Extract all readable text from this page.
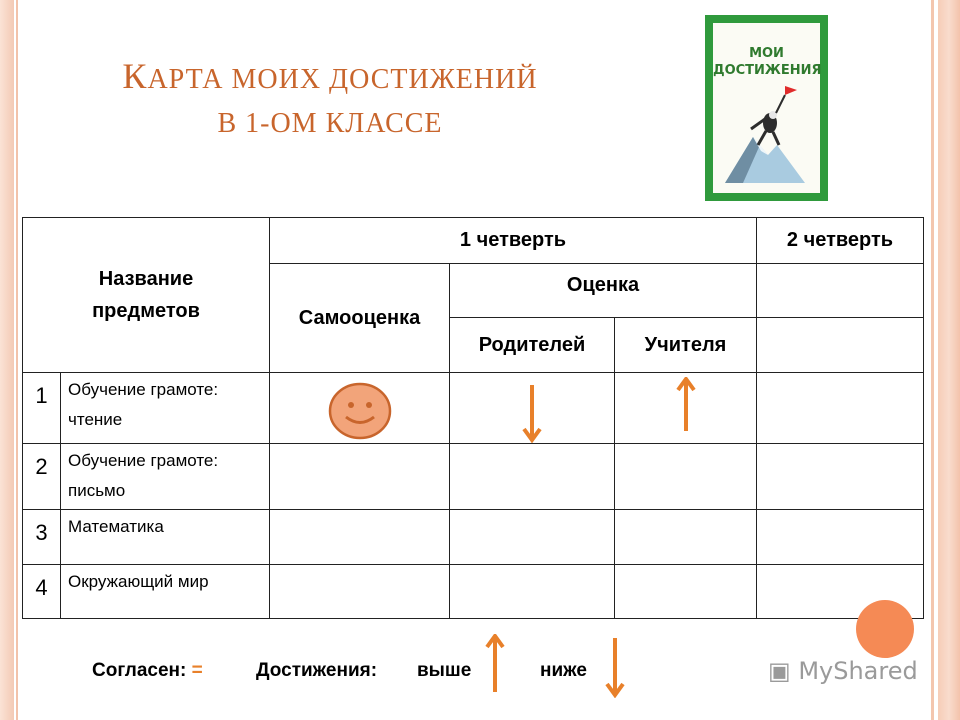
КАРТА МОИХ ДОСТИЖЕНИЙ
В 1-ОМ КЛАССЕ
МОИ
ДОСТИЖЕНИЯ
Название предметов		1 четверть			2 четверть
		Самооценка	Оценка		
			Родителей	Учителя	
1	Обучение грамоте: чтение	

2	Обучение грамоте: письмо				
3	Математика				
4	Окружающий мир				
Согласен: =	Достижения: выше	ниже	▣ MyShared
